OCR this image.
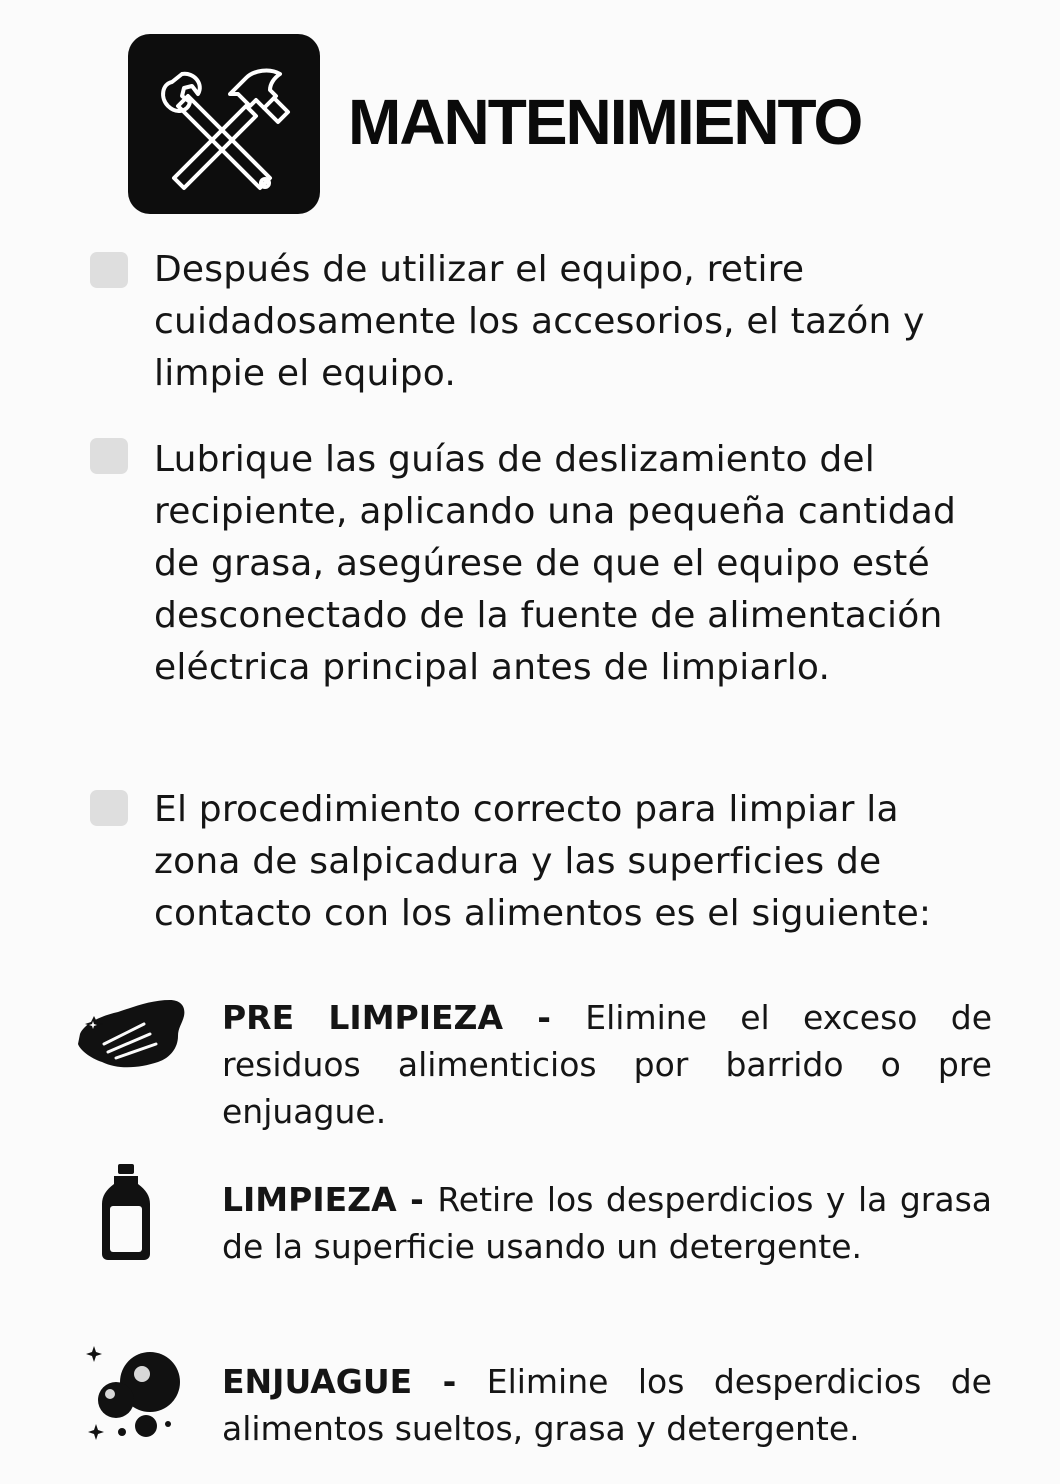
MANTENIMIENTO
Después de utilizar el equipo, retire cuidadosamente los accesorios, el tazón y limpie el equipo.
Lubrique las guías de deslizamiento del recipiente, aplicando una pequeña cantidad de grasa, asegúrese de que el equipo esté desconectado de la fuente de alimentación eléctrica principal antes de limpiarlo.
El procedimiento correcto para limpiar la zona de salpicadura y las superficies de contacto con los alimentos es el siguiente:
PRE LIMPIEZA - Elimine el exceso de residuos alimenticios por barrido o pre enjuague.
LIMPIEZA - Retire los desperdicios y la grasa de la superficie usando un detergente.
ENJUAGUE - Elimine los desperdicios de alimentos sueltos, grasa y detergente.
